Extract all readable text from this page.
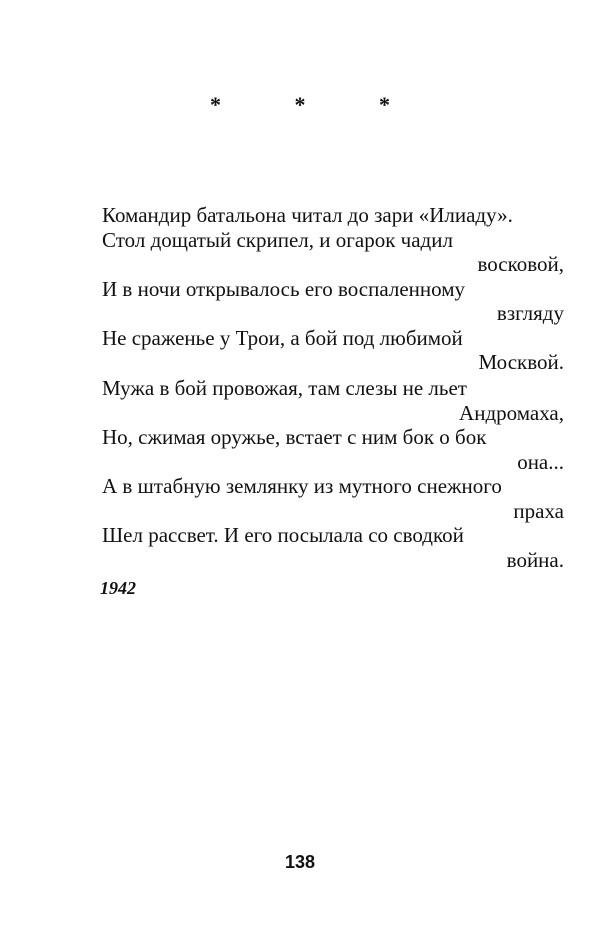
* * *
Командир батальона читал до зари «Илиаду».
Стол дощатый скрипел, и огарок чадил
восковой,
И в ночи открывалось его воспаленному
взгляду
Не сраженье у Трои, а бой под любимой
Москвой.
Мужа в бой провожая, там слезы не льет
Андромаха,
Но, сжимая оружье, встает с ним бок о бок
она...
А в штабную землянку из мутного снежного
праха
Шел рассвет. И его посылала со сводкой
война.
1942
138
